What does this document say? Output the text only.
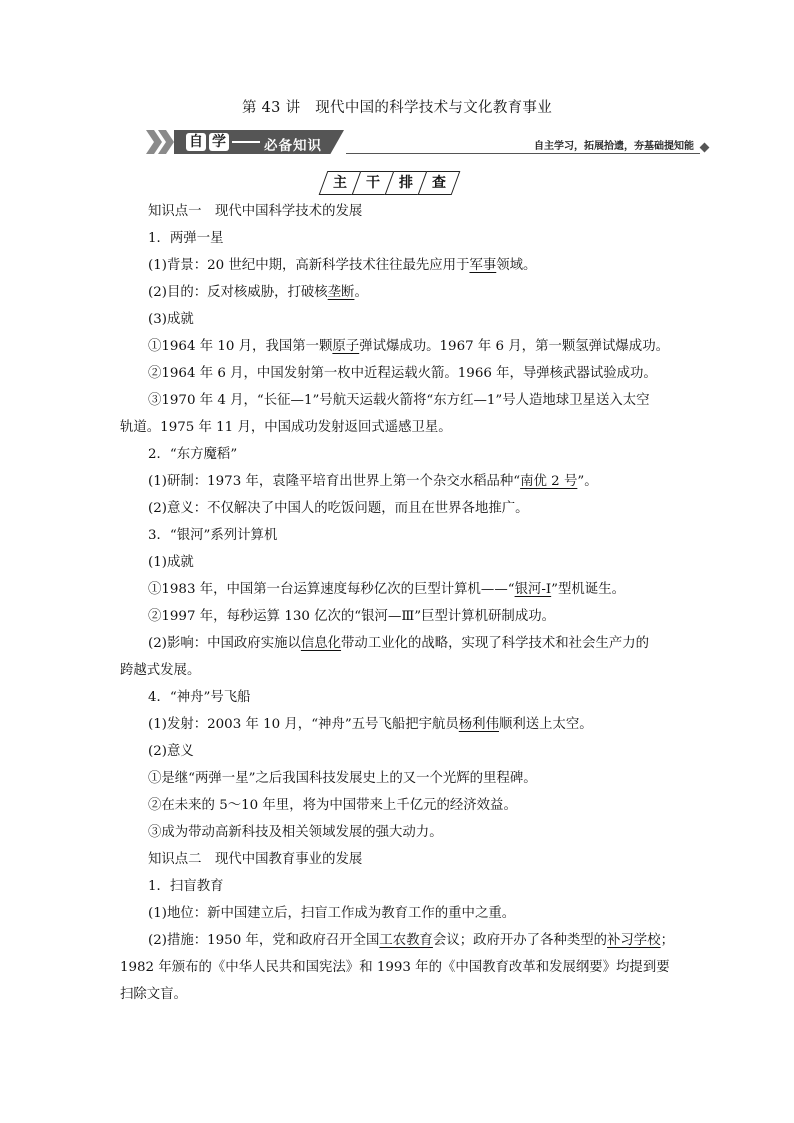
第 43 讲　现代中国的科学技术与文化教育事业
自 学	必备知识	自主学习，拓展拾遗，夯基础提知能
主	干	排	查
知识点一　现代中国科学技术的发展
1．两弹一星
(1)背景：20 世纪中期，高新科学技术往往最先应用于军事领域。
(2)目的：反对核威胁，打破核垄断。
(3)成就
①1964 年 10 月，我国第一颗原子弹试爆成功。1967 年 6 月，第一颗氢弹试爆成功。
②1964 年 6 月，中国发射第一枚中近程运载火箭。1966 年，导弹核武器试验成功。
③1970 年 4 月，“长征—1”号航天运载火箭将“东方红—1”号人造地球卫星送入太空
轨道。1975 年 11 月，中国成功发射返回式遥感卫星。
2．“东方魔稻”
(1)研制：1973 年，袁隆平培育出世界上第一个杂交水稻品种“南优 2 号”。
(2)意义：不仅解决了中国人的吃饭问题，而且在世界各地推广。
3．“银河”系列计算机
(1)成就
①1983 年，中国第一台运算速度每秒亿次的巨型计算机——“银河-Ⅰ”型机诞生。
②1997 年，每秒运算 130 亿次的“银河—Ⅲ”巨型计算机研制成功。
(2)影响：中国政府实施以信息化带动工业化的战略，实现了科学技术和社会生产力的
跨越式发展。
4．“神舟”号飞船
(1)发射：2003 年 10 月，“神舟”五号飞船把宇航员杨利伟顺利送上太空。
(2)意义
①是继“两弹一星”之后我国科技发展史上的又一个光辉的里程碑。
②在未来的 5～10 年里，将为中国带来上千亿元的经济效益。
③成为带动高新科技及相关领域发展的强大动力。
知识点二　现代中国教育事业的发展
1．扫盲教育
(1)地位：新中国建立后，扫盲工作成为教育工作的重中之重。
(2)措施：1950 年，党和政府召开全国工农教育会议；政府开办了各种类型的补习学校；
1982 年颁布的《中华人民共和国宪法》和 1993 年的《中国教育改革和发展纲要》均提到要
扫除文盲。
